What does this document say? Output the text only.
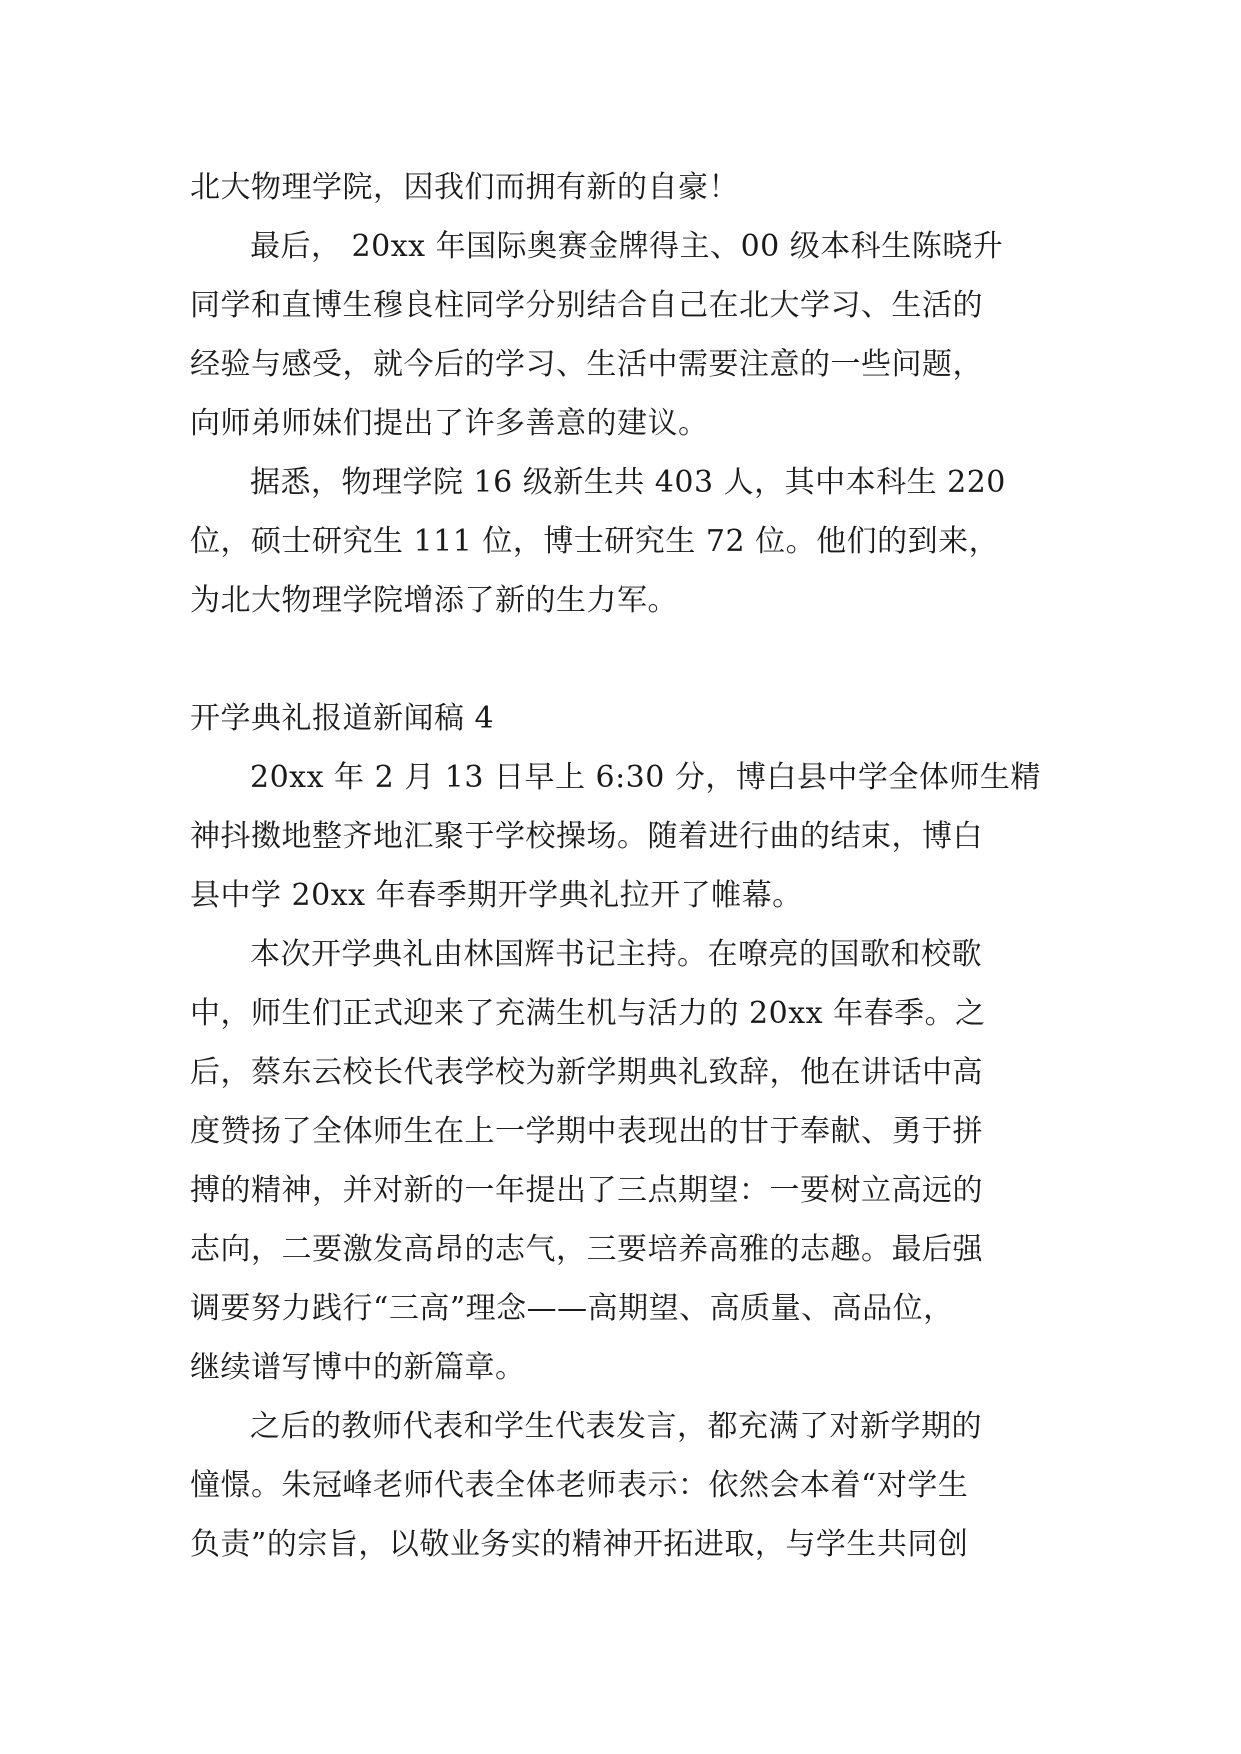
北大物理学院，因我们而拥有新的自豪！
最后， 20xx 年国际奥赛金牌得主、00 级本科生陈晓升
同学和直博生穆良柱同学分别结合自己在北大学习、生活的
经验与感受，就今后的学习、生活中需要注意的一些问题，
向师弟师妹们提出了许多善意的建议。
据悉，物理学院 16 级新生共 403 人，其中本科生 220
位，硕士研究生 111 位，博士研究生 72 位。他们的到来，
为北大物理学院增添了新的生力军。
开学典礼报道新闻稿 4
20xx 年 2 月 13 日早上 6:30 分，博白县中学全体师生精
神抖擞地整齐地汇聚于学校操场。随着进行曲的结束，博白
县中学 20xx 年春季期开学典礼拉开了帷幕。
本次开学典礼由林国辉书记主持。在嘹亮的国歌和校歌
中，师生们正式迎来了充满生机与活力的 20xx 年春季。之
后，蔡东云校长代表学校为新学期典礼致辞，他在讲话中高
度赞扬了全体师生在上一学期中表现出的甘于奉献、勇于拼
搏的精神，并对新的一年提出了三点期望：一要树立高远的
志向，二要激发高昂的志气，三要培养高雅的志趣。最后强
调要努力践行“三高”理念——高期望、高质量、高品位，
继续谱写博中的新篇章。
之后的教师代表和学生代表发言，都充满了对新学期的
憧憬。朱冠峰老师代表全体老师表示：依然会本着“对学生
负责”的宗旨，以敬业务实的精神开拓进取，与学生共同创
